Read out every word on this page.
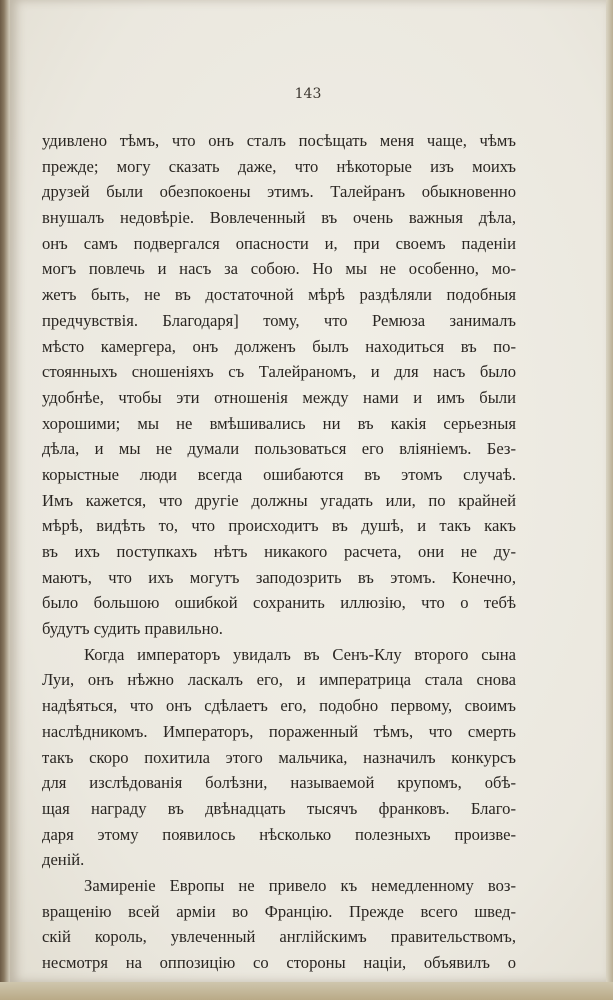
143

удивлено тѣмъ, что онъ сталъ посѣщать меня чаще, чѣмъ
прежде; могу сказать даже, что нѣкоторые изъ моихъ
друзей были обезпокоены этимъ. Талейранъ обыкновенно
внушалъ недовѣріе. Вовлеченный въ очень важныя дѣла,
онъ самъ подвергался опасности и, при своемъ паденіи
могъ повлечь и насъ за собою. Но мы не особенно, мо-
жетъ быть, не въ достаточной мѣрѣ раздѣляли подобныя
предчувствія. Благодаря] тому, что Ремюза занималъ
мѣсто камергера, онъ долженъ былъ находиться въ по-
стоянныхъ сношеніяхъ съ Талейраномъ, и для насъ было
удобнѣе, чтобы эти отношенія между нами и имъ были
хорошими; мы не вмѣшивались ни въ какія серьезныя
дѣла, и мы не думали пользоваться его вліяніемъ. Без-
корыстные люди всегда ошибаются въ этомъ случаѣ.
Имъ кажется, что другіе должны угадать или, по крайней
мѣрѣ, видѣть то, что происходитъ въ душѣ, и такъ какъ
въ ихъ поступкахъ нѣтъ никакого расчета, они не ду-
маютъ, что ихъ могутъ заподозрить въ этомъ. Конечно,
было большою ошибкой сохранить иллюзію, что о тебѣ
будутъ судить правильно.
Когда императоръ увидалъ въ Сенъ-Клу второго сына
Луи, онъ нѣжно ласкалъ его, и императрица стала снова
надѣяться, что онъ сдѣлаетъ его, подобно первому, своимъ
наслѣдникомъ. Императоръ, пораженный тѣмъ, что смерть
такъ скоро похитила этого мальчика, назначилъ конкурсъ
для изслѣдованія болѣзни, называемой крупомъ, обѣ-
щая награду въ двѣнадцать тысячъ франковъ. Благо-
даря этому появилось нѣсколько полезныхъ произве-
деній.
Замиреніе Европы не привело къ немедленному воз-
вращенію всей арміи во Францію. Прежде всего швед-
скій король, увлеченный англійскимъ правительствомъ,
несмотря на оппозицію со стороны націи, объявилъ о
